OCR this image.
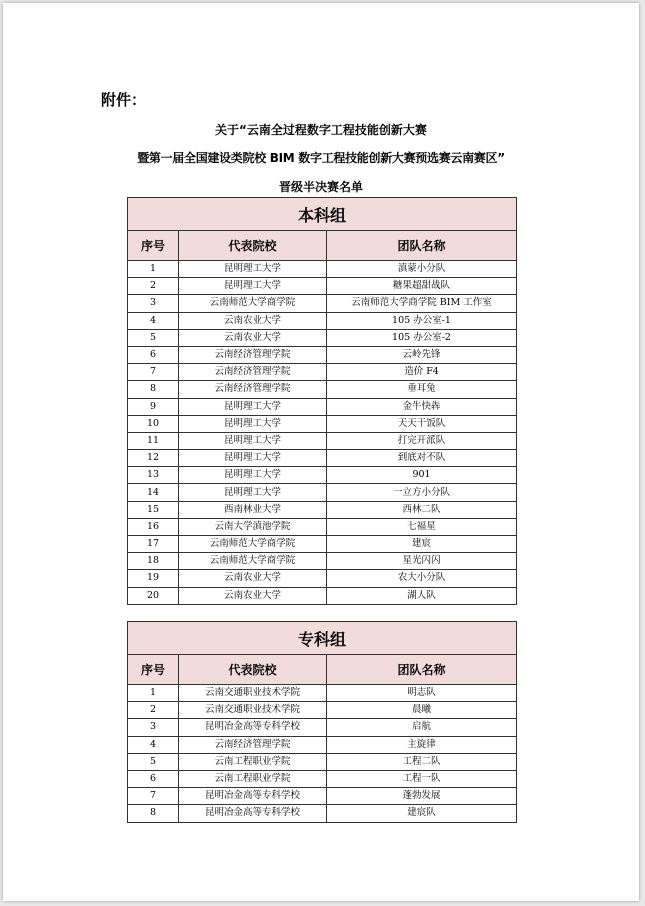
附件：
关于“云南全过程数字工程技能创新大赛
暨第一届全国建设类院校 BIM 数字工程技能创新大赛预选赛云南赛区”
晋级半决赛名单
本科组		
序号	代表院校	团队名称
1	昆明理工大学	滇蒙小分队
2	昆明理工大学	糖果超甜战队
3	云南师范大学商学院	云南师范大学商学院 BIM 工作室
4	云南农业大学	105 办公室-1
5	云南农业大学	105 办公室-2
6	云南经济管理学院	云岭先锋
7	云南经济管理学院	造价 F4
8	云南经济管理学院	垂耳兔
9	昆明理工大学	金牛快犇
10	昆明理工大学	天天干饭队
11	昆明理工大学	打完开派队
12	昆明理工大学	到底对不队
13	昆明理工大学	901
14	昆明理工大学	一立方小分队
15	西南林业大学	西林二队
16	云南大学滇池学院	七福星
17	云南师范大学商学院	建宸
18	云南师范大学商学院	星光闪闪
19	云南农业大学	农大小分队
20	云南农业大学	湖人队
专科组		
序号	代表院校	团队名称
1	云南交通职业技术学院	明志队
2	云南交通职业技术学院	晨曦
3	昆明冶金高等专科学校	启航
4	云南经济管理学院	主旋律
5	云南工程职业学院	工程二队
6	云南工程职业学院	工程一队
7	昆明冶金高等专科学校	蓬勃发展
8	昆明冶金高等专科学校	建宸队
